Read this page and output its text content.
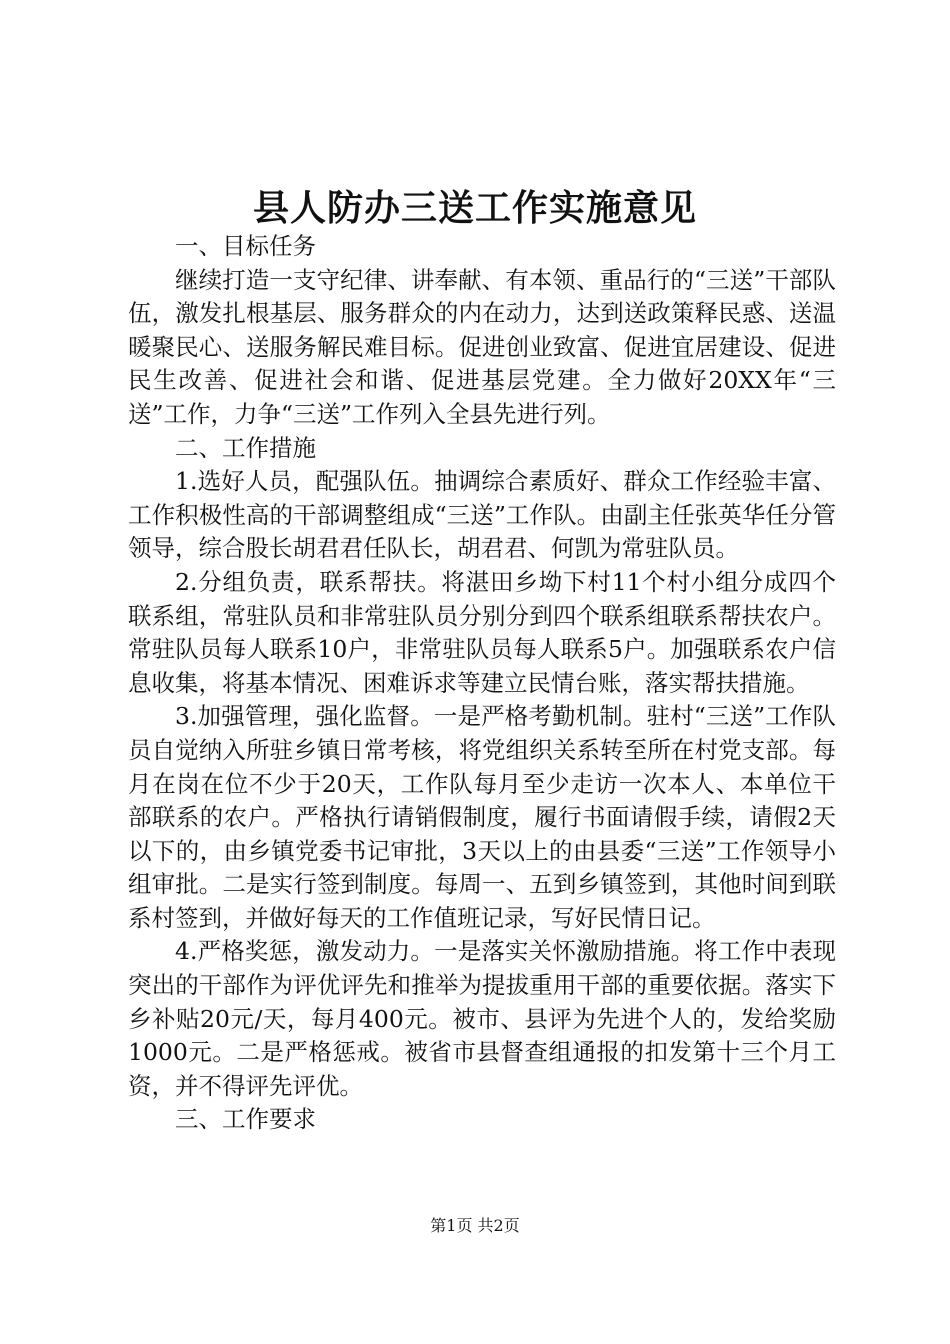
县人防办三送工作实施意见
一、目标任务

继续打造一支守纪律、讲奉献、有本领、重品行的“三送”干部队伍，激发扎根基层、服务群众的内在动力，达到送政策释民惑、送温暖聚民心、送服务解民难目标。促进创业致富、促进宜居建设、促进民生改善、促进社会和谐、促进基层党建。全力做好20XX年“三送”工作，力争“三送”工作列入全县先进行列。

二、工作措施

1.选好人员，配强队伍。抽调综合素质好、群众工作经验丰富、工作积极性高的干部调整组成“三送”工作队。由副主任张英华任分管领导，综合股长胡君君任队长，胡君君、何凯为常驻队员。

2.分组负责，联系帮扶。将湛田乡坳下村11个村小组分成四个联系组，常驻队员和非常驻队员分别分到四个联系组联系帮扶农户。常驻队员每人联系10户，非常驻队员每人联系5户。加强联系农户信息收集，将基本情况、困难诉求等建立民情台账，落实帮扶措施。

3.加强管理，强化监督。一是严格考勤机制。驻村“三送”工作队员自觉纳入所驻乡镇日常考核，将党组织关系转至所在村党支部。每月在岗在位不少于20天，工作队每月至少走访一次本人、本单位干部联系的农户。严格执行请销假制度，履行书面请假手续，请假2天以下的，由乡镇党委书记审批，3天以上的由县委“三送”工作领导小组审批。二是实行签到制度。每周一、五到乡镇签到，其他时间到联系村签到，并做好每天的工作值班记录，写好民情日记。

4.严格奖惩，激发动力。一是落实关怀激励措施。将工作中表现突出的干部作为评优评先和推举为提拔重用干部的重要依据。落实下乡补贴20元/天，每月400元。被市、县评为先进个人的，发给奖励1000元。二是严格惩戒。被省市县督查组通报的扣发第十三个月工资，并不得评先评优。

三、工作要求
第1页 共2页
